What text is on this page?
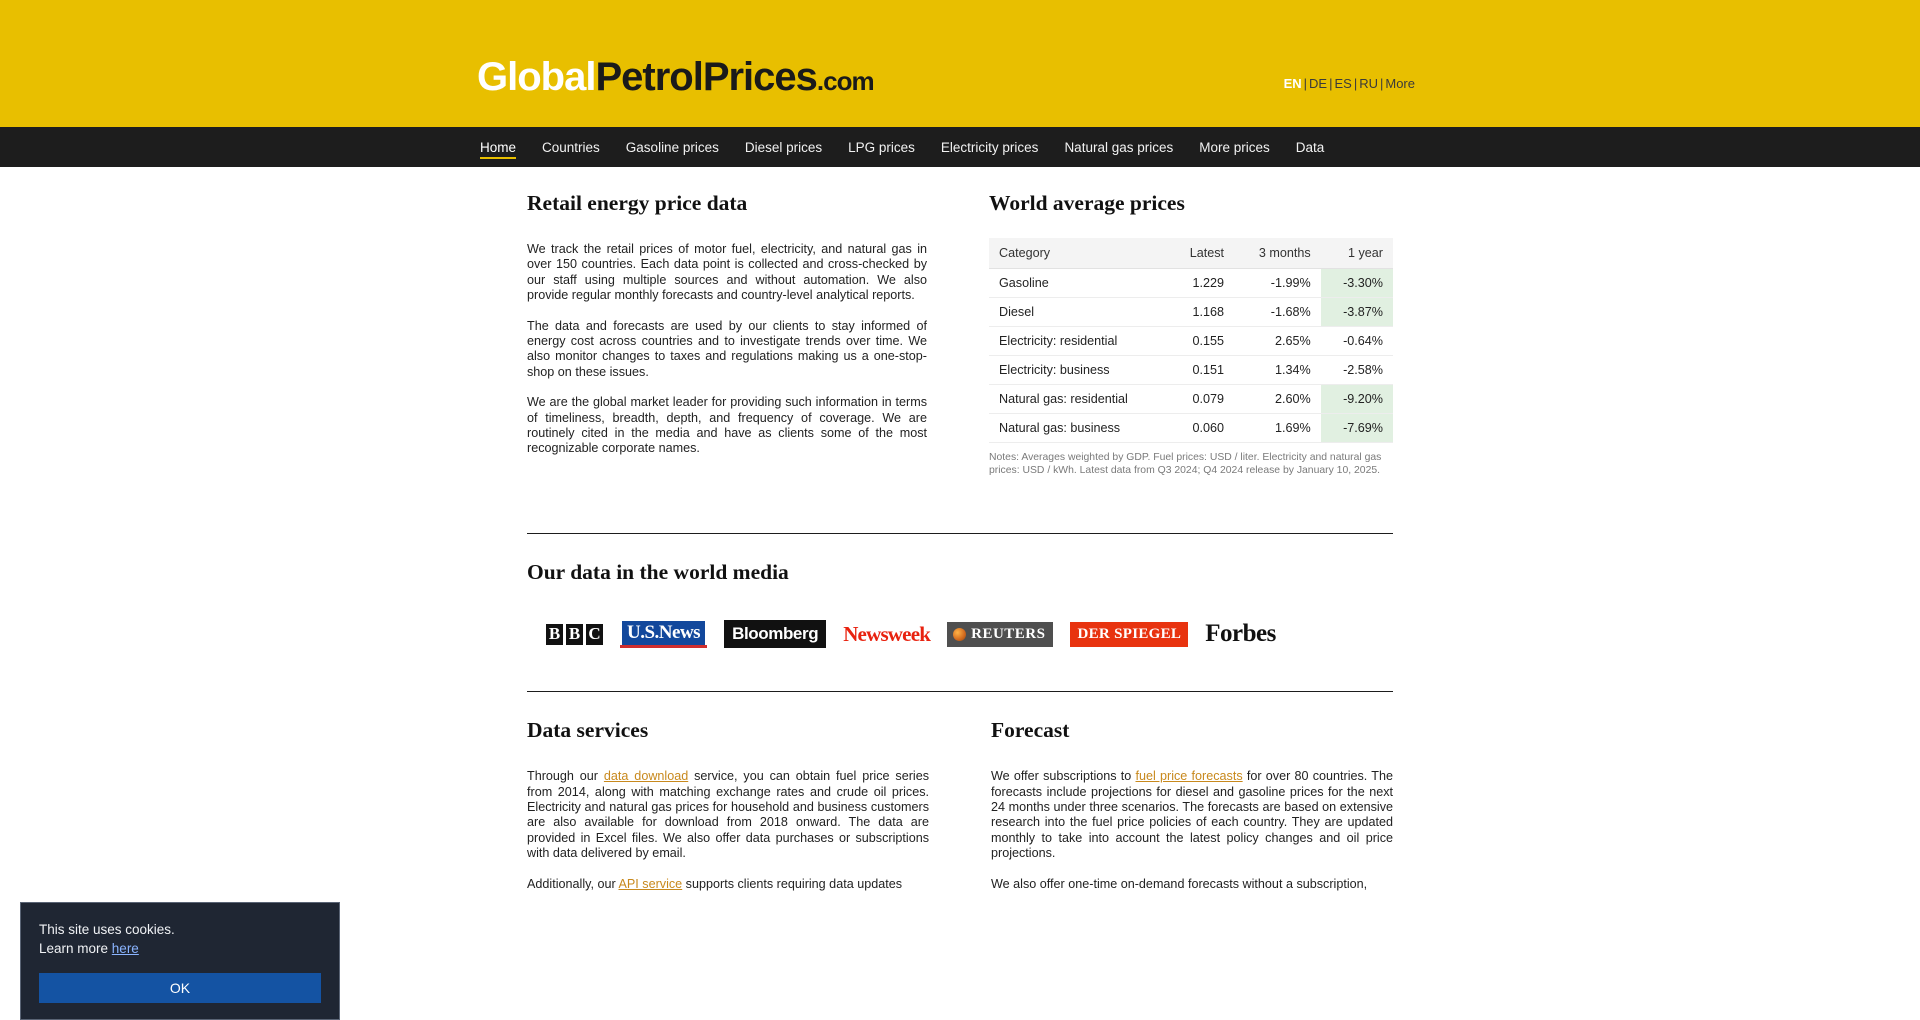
GlobalPetrolPrices.com	EN | DE | ES | RU | More
Home Countries Gasoline prices Diesel prices LPG prices Electricity prices Natural gas prices More prices Data
Retail energy price data

We track the retail prices of motor fuel, electricity, and natural gas in over 150 countries. Each data point is collected and cross-checked by our staff using multiple sources and without automation. We also provide regular monthly forecasts and country-level analytical reports.

The data and forecasts are used by our clients to stay informed of energy cost across countries and to investigate trends over time. We also monitor changes to taxes and regulations making us a one-stop-shop on these issues.

We are the global market leader for providing such information in terms of timeliness, breadth, depth, and frequency of coverage. We are routinely cited in the media and have as clients some of the most recognizable corporate names.

World average prices
Category	Latest	3 months	1 year
Gasoline	1.229	-1.99%	-3.30%
Diesel	1.168	-1.68%	-3.87%
Electricity: residential	0.155	2.65%	-0.64%
Electricity: business	0.151	1.34%	-2.58%
Natural gas: residential	0.079	2.60%	-9.20%
Natural gas: business	0.060	1.69%	-7.69%

Notes: Averages weighted by GDP. Fuel prices: USD / liter. Electricity and natural gas prices: USD / kWh. Latest data from Q3 2024; Q4 2024 release by January 10, 2025.

Our data in the world media
B B C U.S.News	Bloomberg	Newsweek	REUTERS	DER SPIEGEL Forbes
Data services

Through our data download service, you can obtain fuel price series from 2014, along with matching exchange rates and crude oil prices. Electricity and natural gas prices for household and business customers are also available for download from 2018 onward. The data are provided in Excel files. We also offer data purchases or subscriptions with data delivered by email.

Additionally, our API service supports clients requiring data updates

Forecast

We offer subscriptions to fuel price forecasts for over 80 countries. The forecasts include projections for diesel and gasoline prices for the next 24 months under three scenarios. The forecasts are based on extensive research into the fuel price policies of each country. They are updated monthly to take into account the latest policy changes and oil price projections.

We also offer one-time on-demand forecasts without a subscription,

This site uses cookies.
Learn more here
OK
